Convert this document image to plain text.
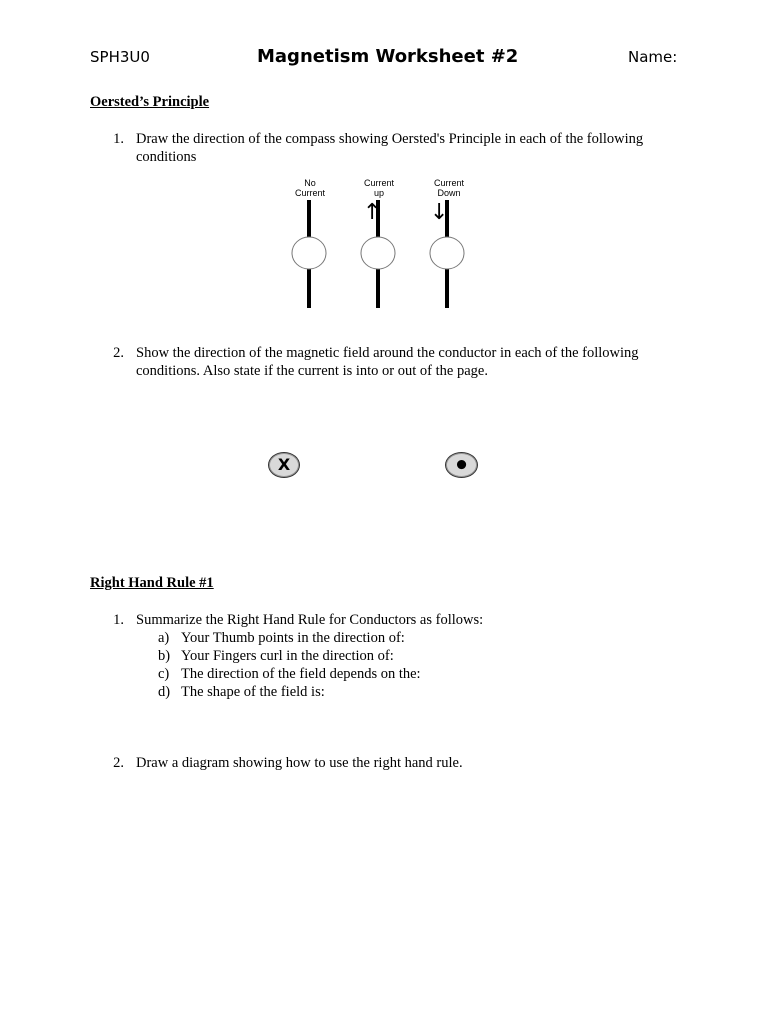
SPH3U0	Magnetism Worksheet #2	Name:
Oersted’s Principle
1. Draw the direction of the compass showing Oersted's Principle in each of the following
conditions
No
Current
Current
up
Current
Down
↑ ↓
2. Show the direction of the magnetic field around the conductor in each of the following
conditions. Also state if the current is into or out of the page.
X	•
Right Hand Rule #1
1. Summarize the Right Hand Rule for Conductors as follows:
a) Your Thumb points in the direction of:
b) Your Fingers curl in the direction of:
c) The direction of the field depends on the:
d) The shape of the field is:
2. Draw a diagram showing how to use the right hand rule.
